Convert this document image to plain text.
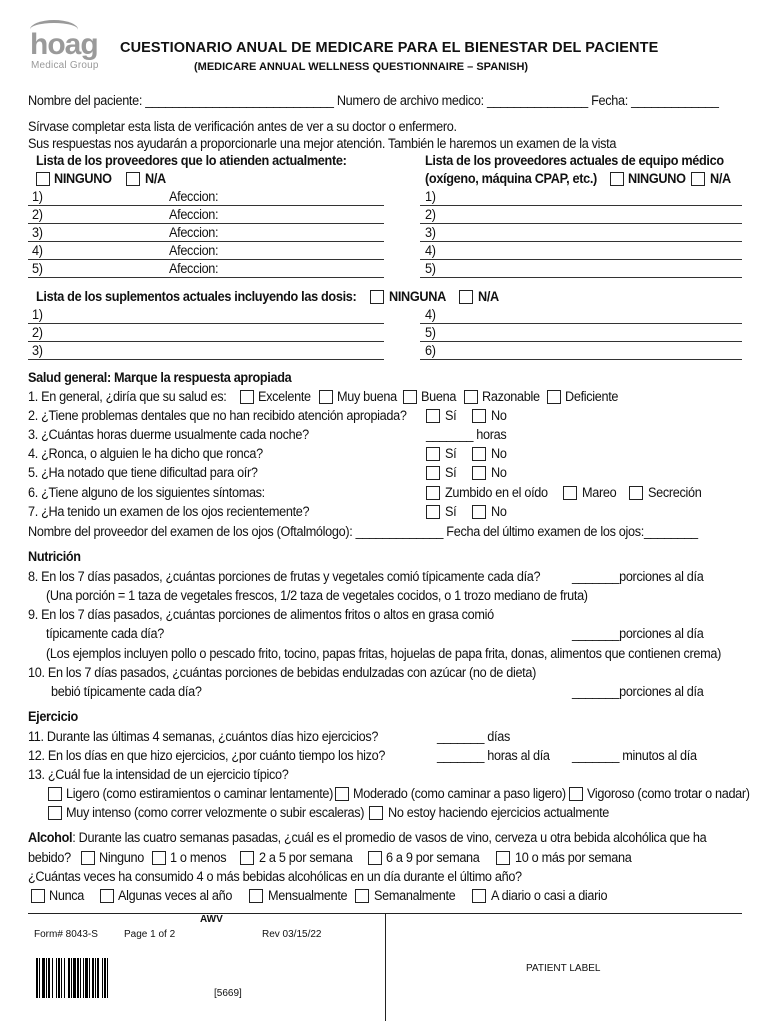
hoag
Medical Group
CUESTIONARIO ANUAL DE MEDICARE PARA EL BIENESTAR DEL PACIENTE
(MEDICARE ANNUAL WELLNESS QUESTIONNAIRE – SPANISH)
Nombre del paciente: ____________________________ Numero de archivo medico: _______________ Fecha: _____________
Sírvase completar esta lista de verificación antes de ver a su doctor o enfermero.
Sus respuestas nos ayudarán a proporcionarle una mejor atención. También le haremos un examen de la vista
Lista de los proveedores que lo atienden actualmente:
NINGUNO N/A
1)	Afeccion:
2)	Afeccion:
3)	Afeccion:
4)	Afeccion:
5)	Afeccion:
Lista de los proveedores actuales de equipo médico
(oxígeno, máquina CPAP, etc.) NINGUNO N/A
1)
2)
3)
4)
5)
Lista de los suplementos actuales incluyendo las dosis: NINGUNA N/A
1)	4)
2)	5)
3)	6)
Salud general: Marque la respuesta apropiada
1. En general, ¿diría que su salud es: Excelente Muy buena Buena Razonable Deficiente
2. ¿Tiene problemas dentales que no han recibido atención apropiada?	Sí	No
3. ¿Cuántas horas duerme usualmente cada noche?	_______ horas
4. ¿Ronca, o alguien le ha dicho que ronca?	Sí	No
5. ¿Ha notado que tiene dificultad para oír?	Sí	No
6. ¿Tiene alguno de los siguientes síntomas:	Zumbido en el oído	Mareo Secreción
7. ¿Ha tenido un examen de los ojos recientemente?	Sí	No
Nombre del proveedor del examen de los ojos (Oftalmólogo): _____________ Fecha del último examen de los ojos:________
Nutrición
8. En los 7 días pasados, ¿cuántas porciones de frutas y vegetales comió típicamente cada día? _______porciones al día
(Una porción = 1 taza de vegetales frescos, 1/2 taza de vegetales cocidos, o 1 trozo mediano de fruta)
9. En los 7 días pasados, ¿cuántas porciones de alimentos fritos o altos en grasa comió
típicamente cada día?	_______porciones al día
(Los ejemplos incluyen pollo o pescado frito, tocino, papas fritas, hojuelas de papa frita, donas, alimentos que contienen crema)
10. En los 7 días pasados, ¿cuántas porciones de bebidas endulzadas con azúcar (no de dieta)
bebió típicamente cada día?	_______porciones al día
Ejercicio
11. Durante las últimas 4 semanas, ¿cuántos días hizo ejercicios?	_______ días
12. En los días en que hizo ejercicios, ¿por cuánto tiempo los hizo?	_______ horas al día _______ minutos al día
13. ¿Cuál fue la intensidad de un ejercicio típico?
Ligero (como estiramientos o caminar lentamente) Moderado (como caminar a paso ligero) Vigoroso (como trotar o nadar)
Muy intenso (como correr velozmente o subir escaleras) No estoy haciendo ejercicios actualmente
Alcohol: Durante las cuatro semanas pasadas, ¿cuál es el promedio de vasos de vino, cerveza u otra bebida alcohólica que ha
bebido? Ninguno 1 o menos 2 a 5 por semana 6 a 9 por semana	10 o más por semana
¿Cuántas veces ha consumido 4 o más bebidas alcohólicas en un día durante el último año?
Nunca	Algunas veces al año	Mensualmente Semanalmente	A diario o casi a diario
AWV
Form# 8043-S	Page 1 of 2	Rev 03/15/22
[5669]
PATIENT LABEL
